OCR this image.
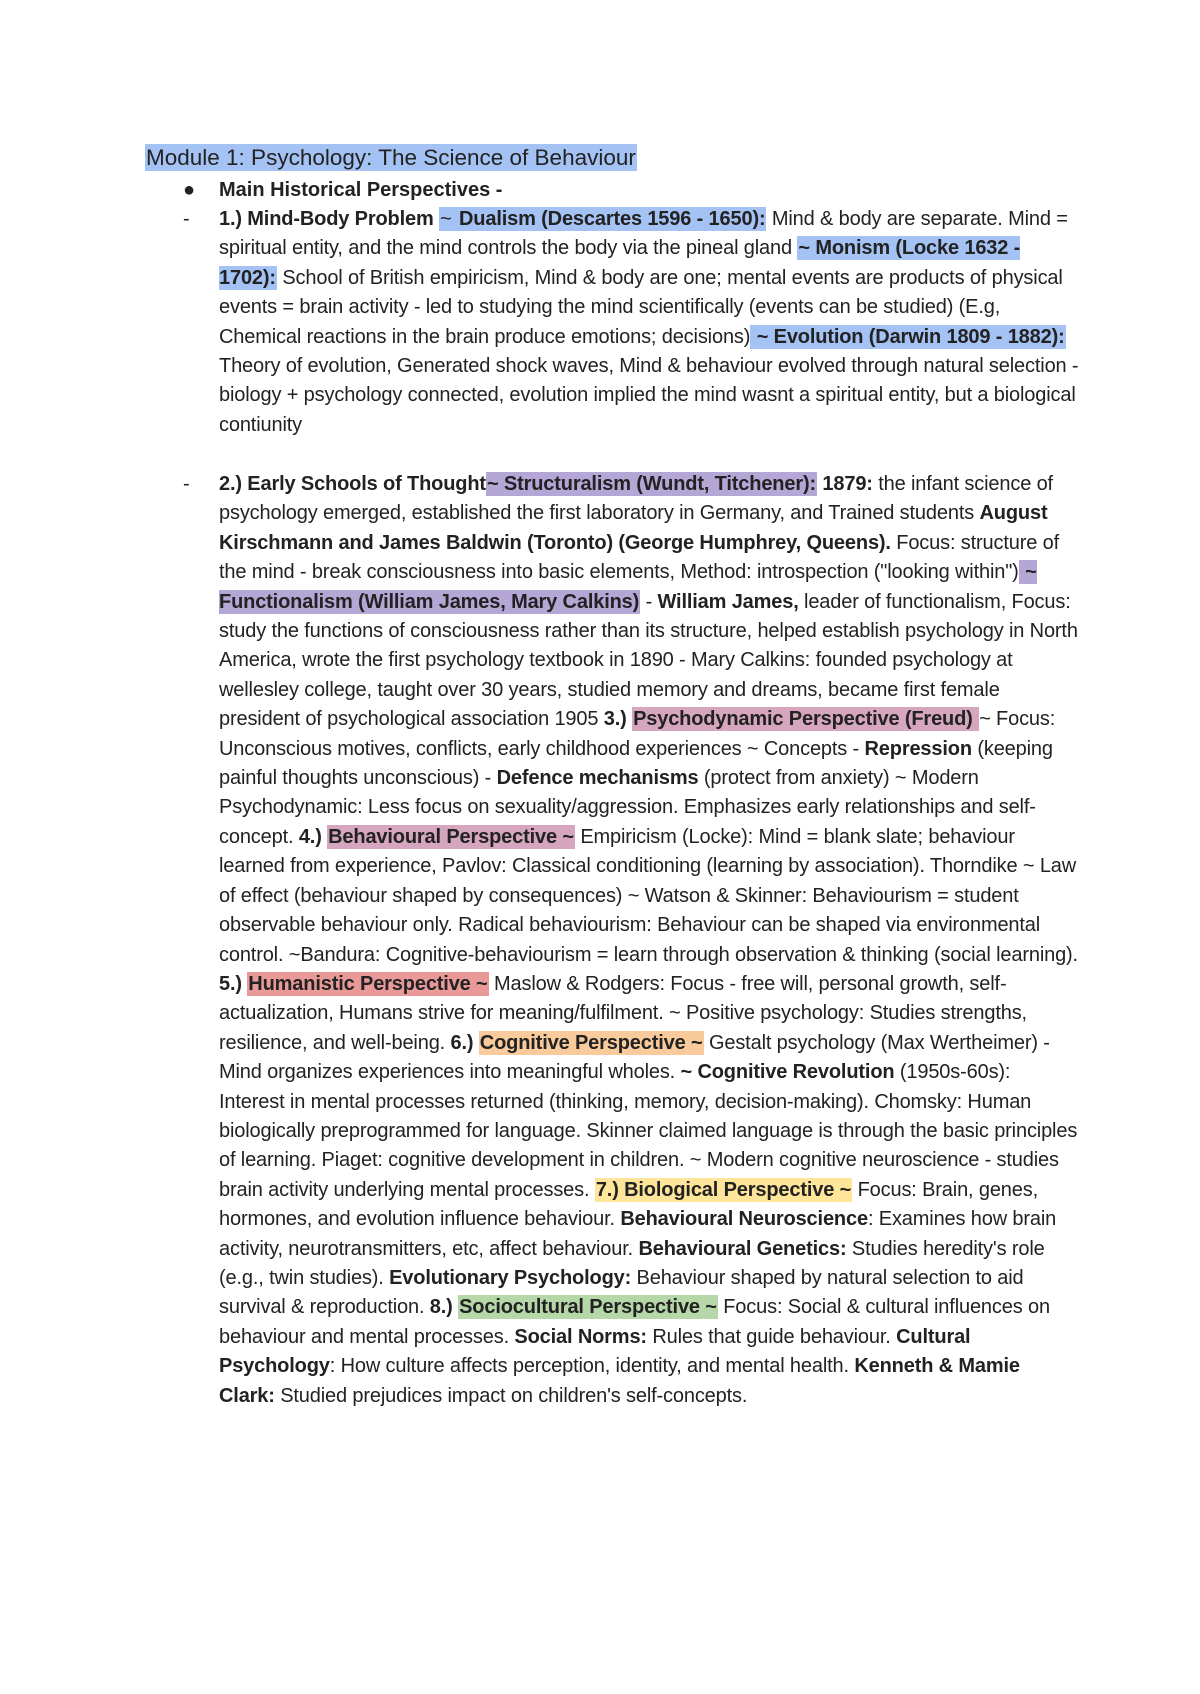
Module 1: Psychology: The Science of Behaviour
● Main Historical Perspectives -
- 1.) Mind-Body Problem ~ Dualism (Descartes 1596 - 1650): Mind & body are separate. Mind = spiritual entity, and the mind controls the body via the pineal gland ~ Monism (Locke 1632 - 1702): School of British empiricism, Mind & body are one; mental events are products of physical events = brain activity - led to studying the mind scientifically (events can be studied) (E.g, Chemical reactions in the brain produce emotions; decisions) ~ Evolution (Darwin 1809 - 1882): Theory of evolution, Generated shock waves, Mind & behaviour evolved through natural selection - biology + psychology connected, evolution implied the mind wasnt a spiritual entity, but a biological contiunity

- 2.) Early Schools of Thought~ Structuralism (Wundt, Titchener): 1879: the infant science of psychology emerged, established the first laboratory in Germany, and Trained students August Kirschmann and James Baldwin (Toronto) (George Humphrey, Queens). Focus: structure of the mind - break consciousness into basic elements, Method: introspection ("looking within") ~ Functionalism (William James, Mary Calkins) - William James, leader of functionalism, Focus: study the functions of consciousness rather than its structure, helped establish psychology in North America, wrote the first psychology textbook in 1890 - Mary Calkins: founded psychology at wellesley college, taught over 30 years, studied memory and dreams, became first female president of psychological association 1905 3.) Psychodynamic Perspective (Freud) ~ Focus: Unconscious motives, conflicts, early childhood experiences ~ Concepts - Repression (keeping painful thoughts unconscious) - Defence mechanisms (protect from anxiety) ~ Modern Psychodynamic: Less focus on sexuality/aggression. Emphasizes early relationships and self-concept. 4.) Behavioural Perspective ~ Empiricism (Locke): Mind = blank slate; behaviour learned from experience, Pavlov: Classical conditioning (learning by association). Thorndike ~ Law of effect (behaviour shaped by consequences) ~ Watson & Skinner: Behaviourism = student observable behaviour only. Radical behaviourism: Behaviour can be shaped via environmental control. ~Bandura: Cognitive-behaviourism = learn through observation & thinking (social learning). 5.) Humanistic Perspective ~ Maslow & Rodgers: Focus - free will, personal growth, self-actualization, Humans strive for meaning/fulfilment. ~ Positive psychology: Studies strengths, resilience, and well-being. 6.) Cognitive Perspective ~ Gestalt psychology (Max Wertheimer) - Mind organizes experiences into meaningful wholes. ~ Cognitive Revolution (1950s-60s): Interest in mental processes returned (thinking, memory, decision-making). Chomsky: Human biologically preprogrammed for language. Skinner claimed language is through the basic principles of learning. Piaget: cognitive development in children. ~ Modern cognitive neuroscience - studies brain activity underlying mental processes. 7.) Biological Perspective ~ Focus: Brain, genes, hormones, and evolution influence behaviour. Behavioural Neuroscience: Examines how brain activity, neurotransmitters, etc, affect behaviour. Behavioural Genetics: Studies heredity's role (e.g., twin studies). Evolutionary Psychology: Behaviour shaped by natural selection to aid survival & reproduction. 8.) Sociocultural Perspective ~ Focus: Social & cultural influences on behaviour and mental processes. Social Norms: Rules that guide behaviour. Cultural Psychology: How culture affects perception, identity, and mental health. Kenneth & Mamie Clark: Studied prejudices impact on children's self-concepts.
